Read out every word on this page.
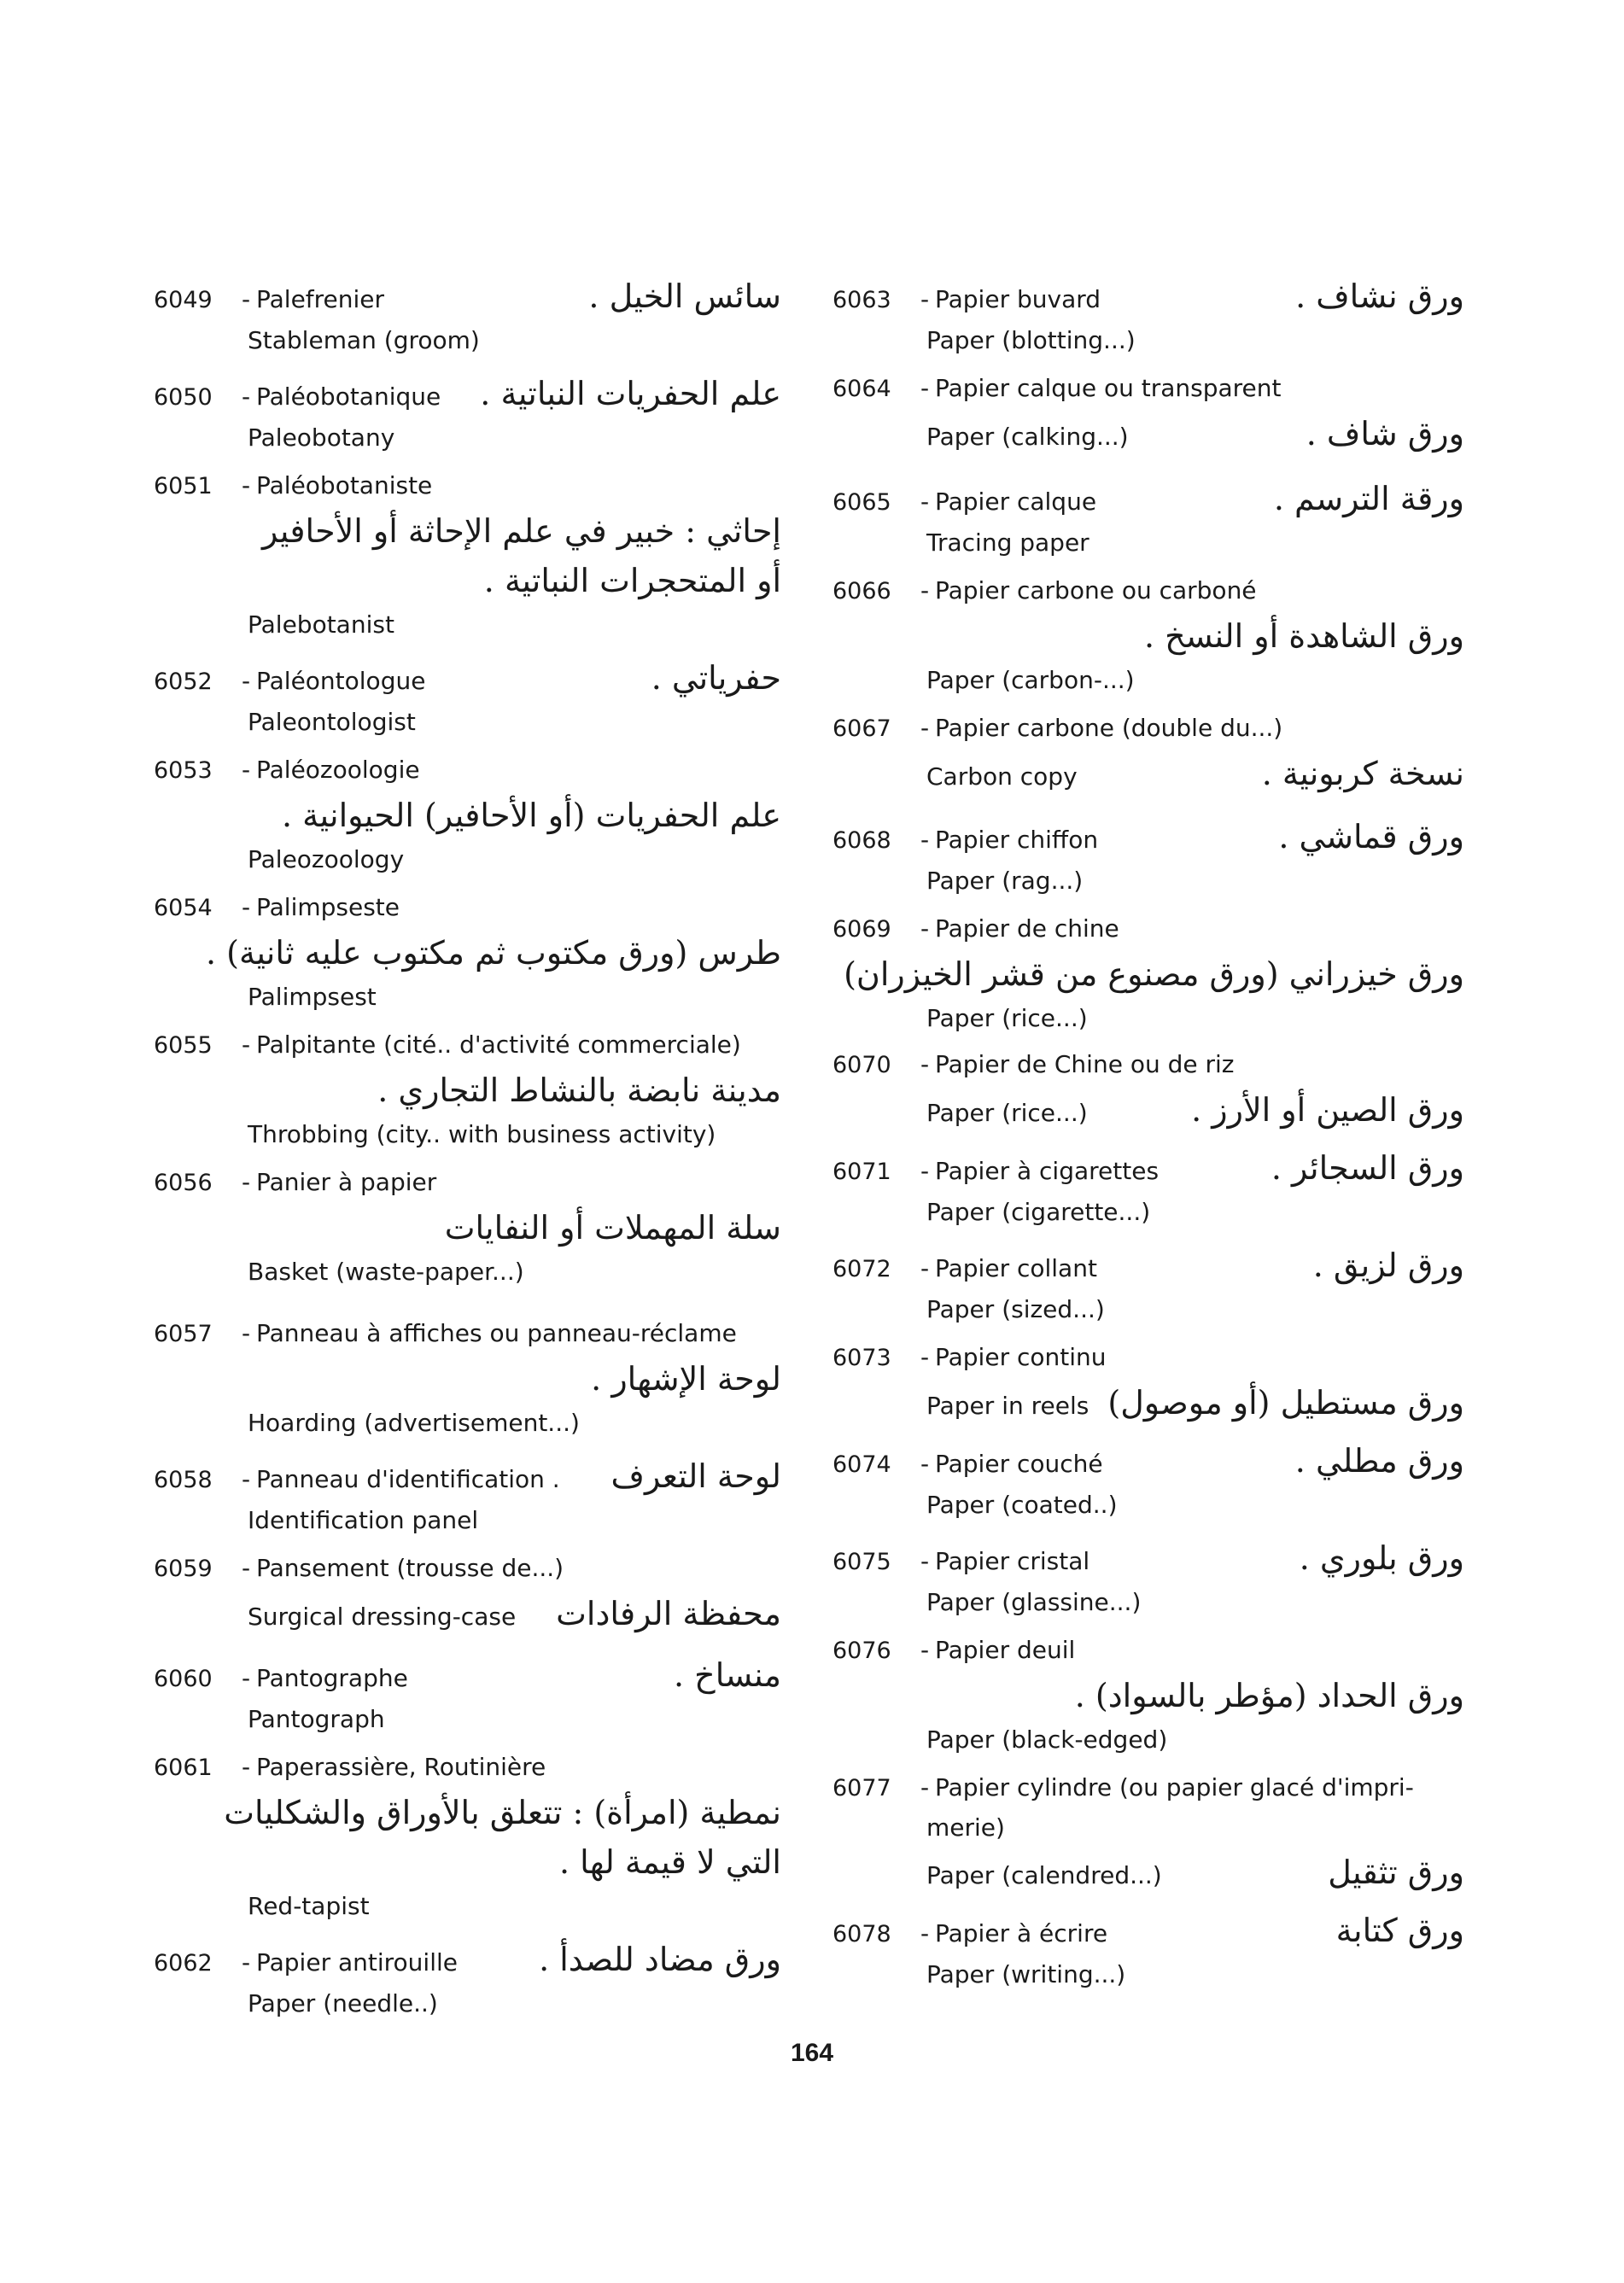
6049 - Palefrenier	سائس الخيل .
Stableman (groom)
6050 - Paléobotanique	علم الحفريات النباتية .
Paleobotany
6051 - Paléobotaniste
إحاثي : خبير في علم الإحاثة أو الأحافير
أو المتحجرات النباتية .
Palebotanist
6052 - Paléontologue	حفرياتي .
Paleontologist
6053 - Paléozoologie
علم الحفريات (أو الأحافير) الحيوانية .
Paleozoology
6054 - Palimpseste
طرس (ورق مكتوب ثم مكتوب عليه ثانية) .
Palimpsest
6055 - Palpitante (cité.. d'activité commerciale)
مدينة نابضة بالنشاط التجاري .
Throbbing (city.. with business activity)
6056 - Panier à papier
سلة المهملات أو النفايات
Basket (waste-paper...)
6057 - Panneau à affiches ou panneau-réclame
لوحة الإشهار .
Hoarding (advertisement...)
6058 - Panneau d'identification .	لوحة التعرف
Identification panel
6059 - Pansement (trousse de...)
Surgical dressing-case	محفظة الرفادات
6060 - Pantographe	منساخ .
Pantograph
6061 - Paperassière, Routinière
نمطية (امرأة) : تتعلق بالأوراق والشكليات
التي لا قيمة لها .
Red-tapist
6062 - Papier antirouille	ورق مضاد للصدأ .
Paper (needle..)
6063 - Papier buvard	ورق نشاف .
Paper (blotting...)
6064 - Papier calque ou transparent
Paper (calking...)	ورق شاف .
6065 - Papier calque	ورقة الترسم .
Tracing paper
6066 - Papier carbone ou carboné
ورق الشاهدة أو النسخ .
Paper (carbon-...)
6067 - Papier carbone (double du...)
Carbon copy	نسخة كربونية .
6068 - Papier chiffon	ورق قماشي .
Paper (rag...)
6069 - Papier de chine
ورق خيزراني (ورق مصنوع من قشر الخيزران)
Paper (rice...)
6070 - Papier de Chine ou de riz
Paper (rice...)	ورق الصين أو الأرز .
6071 - Papier à cigarettes	ورق السجائر .
Paper (cigarette...)
6072 - Papier collant	ورق لزيق .
Paper (sized...)
6073 - Papier continu
Paper in reels ورق مستطيل (أو موصول)
6074 - Papier couché	ورق مطلي .
Paper (coated..)
6075 - Papier cristal	ورق بلوري .
Paper (glassine...)
6076 - Papier deuil
ورق الحداد (مؤطر بالسواد) .
Paper (black-edged)
6077 - Papier cylindre (ou papier glacé d'impri-
merie)
Paper (calendred...)	ورق تثقيل
6078 - Papier à écrire	ورق كتابة
Paper (writing...)
164
